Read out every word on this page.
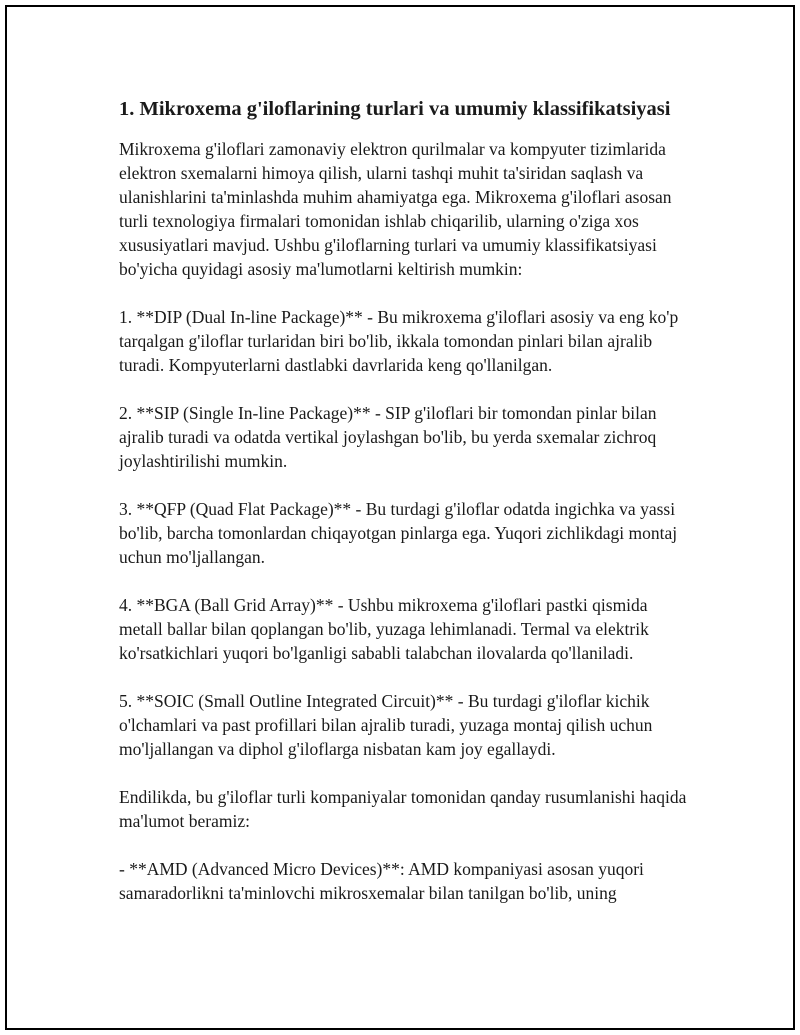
1. Mikroxema g'iloflarining turlari va umumiy klassifikatsiyasi

Mikroxema g'iloflari zamonaviy elektron qurilmalar va kompyuter tizimlarida elektron sxemalarni himoya qilish, ularni tashqi muhit ta'siridan saqlash va ulanishlarini ta'minlashda muhim ahamiyatga ega. Mikroxema g'iloflari asosan turli texnologiya firmalari tomonidan ishlab chiqarilib, ularning o'ziga xos xususiyatlari mavjud. Ushbu g'iloflarning turlari va umumiy klassifikatsiyasi bo'yicha quyidagi asosiy ma'lumotlarni keltirish mumkin:

1. **DIP (Dual In-line Package)** - Bu mikroxema g'iloflari asosiy va eng ko'p tarqalgan g'iloflar turlaridan biri bo'lib, ikkala tomondan pinlari bilan ajralib turadi. Kompyuterlarni dastlabki davrlarida keng qo'llanilgan.

2. **SIP (Single In-line Package)** - SIP g'iloflari bir tomondan pinlar bilan ajralib turadi va odatda vertikal joylashgan bo'lib, bu yerda sxemalar zichroq joylashtirilishi mumkin.

3. **QFP (Quad Flat Package)** - Bu turdagi g'iloflar odatda ingichka va yassi bo'lib, barcha tomonlardan chiqayotgan pinlarga ega. Yuqori zichlikdagi montaj uchun mo'ljallangan.

4. **BGA (Ball Grid Array)** - Ushbu mikroxema g'iloflari pastki qismida metall ballar bilan qoplangan bo'lib, yuzaga lehimlanadi. Termal va elektrik ko'rsatkichlari yuqori bo'lganligi sababli talabchan ilovalarda qo'llaniladi.

5. **SOIC (Small Outline Integrated Circuit)** - Bu turdagi g'iloflar kichik o'lchamlari va past profillari bilan ajralib turadi, yuzaga montaj qilish uchun mo'ljallangan va diphol g'iloflarga nisbatan kam joy egallaydi.

Endilikda, bu g'iloflar turli kompaniyalar tomonidan qanday rusumlanishi haqida ma'lumot beramiz:

- **AMD (Advanced Micro Devices)**: AMD kompaniyasi asosan yuqori samaradorlikni ta'minlovchi mikrosxemalar bilan tanilgan bo'lib, uning
